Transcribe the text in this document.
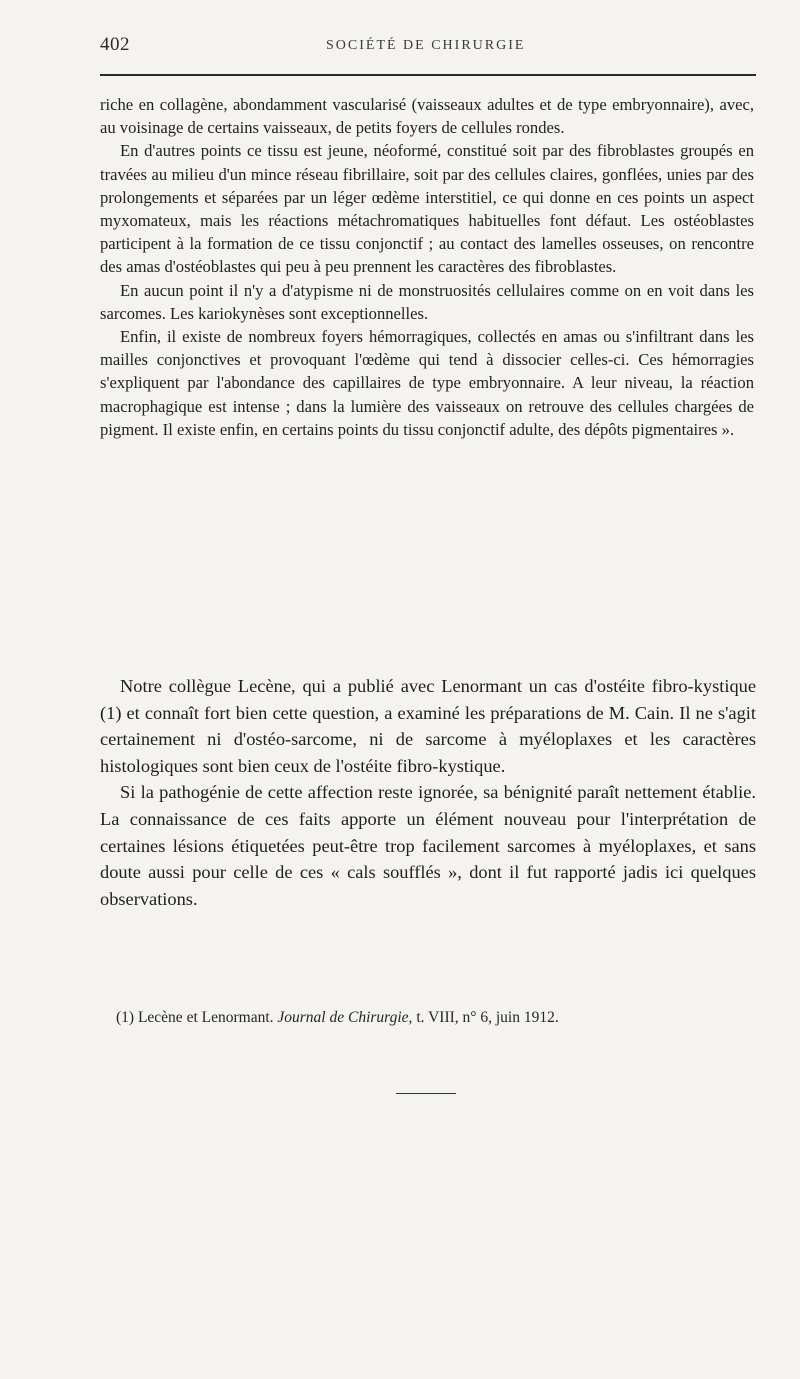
402	SOCIÉTÉ DE CHIRURGIE

riche en collagène, abondamment vascularisé (vaisseaux adultes et de type embryonnaire), avec, au voisinage de certains vaisseaux, de petits foyers de cellules rondes.

En d'autres points ce tissu est jeune, néoformé, constitué soit par des fibroblastes groupés en travées au milieu d'un mince réseau fibrillaire, soit par des cellules claires, gonflées, unies par des prolongements et séparées par un léger œdème interstitiel, ce qui donne en ces points un aspect myxomateux, mais les réactions métachromatiques habituelles font défaut. Les ostéoblastes participent à la formation de ce tissu conjonctif ; au contact des lamelles osseuses, on rencontre des amas d'ostéoblastes qui peu à peu prennent les caractères des fibroblastes.

En aucun point il n'y a d'atypisme ni de monstruosités cellulaires comme on en voit dans les sarcomes. Les kariokynèses sont exceptionnelles.

Enfin, il existe de nombreux foyers hémorragiques, collectés en amas ou s'infiltrant dans les mailles conjonctives et provoquant l'œdème qui tend à dissocier celles-ci. Ces hémorragies s'expliquent par l'abondance des capillaires de type embryonnaire. A leur niveau, la réaction macrophagique est intense ; dans la lumière des vaisseaux on retrouve des cellules chargées de pigment. Il existe enfin, en certains points du tissu conjonctif adulte, des dépôts pigmentaires ».

Notre collègue Lecène, qui a publié avec Lenormant un cas d'ostéite fibro-kystique (1) et connaît fort bien cette question, a examiné les préparations de M. Cain. Il ne s'agit certainement ni d'ostéo-sarcome, ni de sarcome à myéloplaxes et les caractères histologiques sont bien ceux de l'ostéite fibro-kystique.

Si la pathogénie de cette affection reste ignorée, sa bénignité paraît nettement établie. La connaissance de ces faits apporte un élément nouveau pour l'interprétation de certaines lésions étiquetées peut-être trop facilement sarcomes à myéloplaxes, et sans doute aussi pour celle de ces « cals soufflés », dont il fut rapporté jadis ici quelques observations.

(1) Lecène et Lenormant. Journal de Chirurgie, t. VIII, n° 6, juin 1912.
